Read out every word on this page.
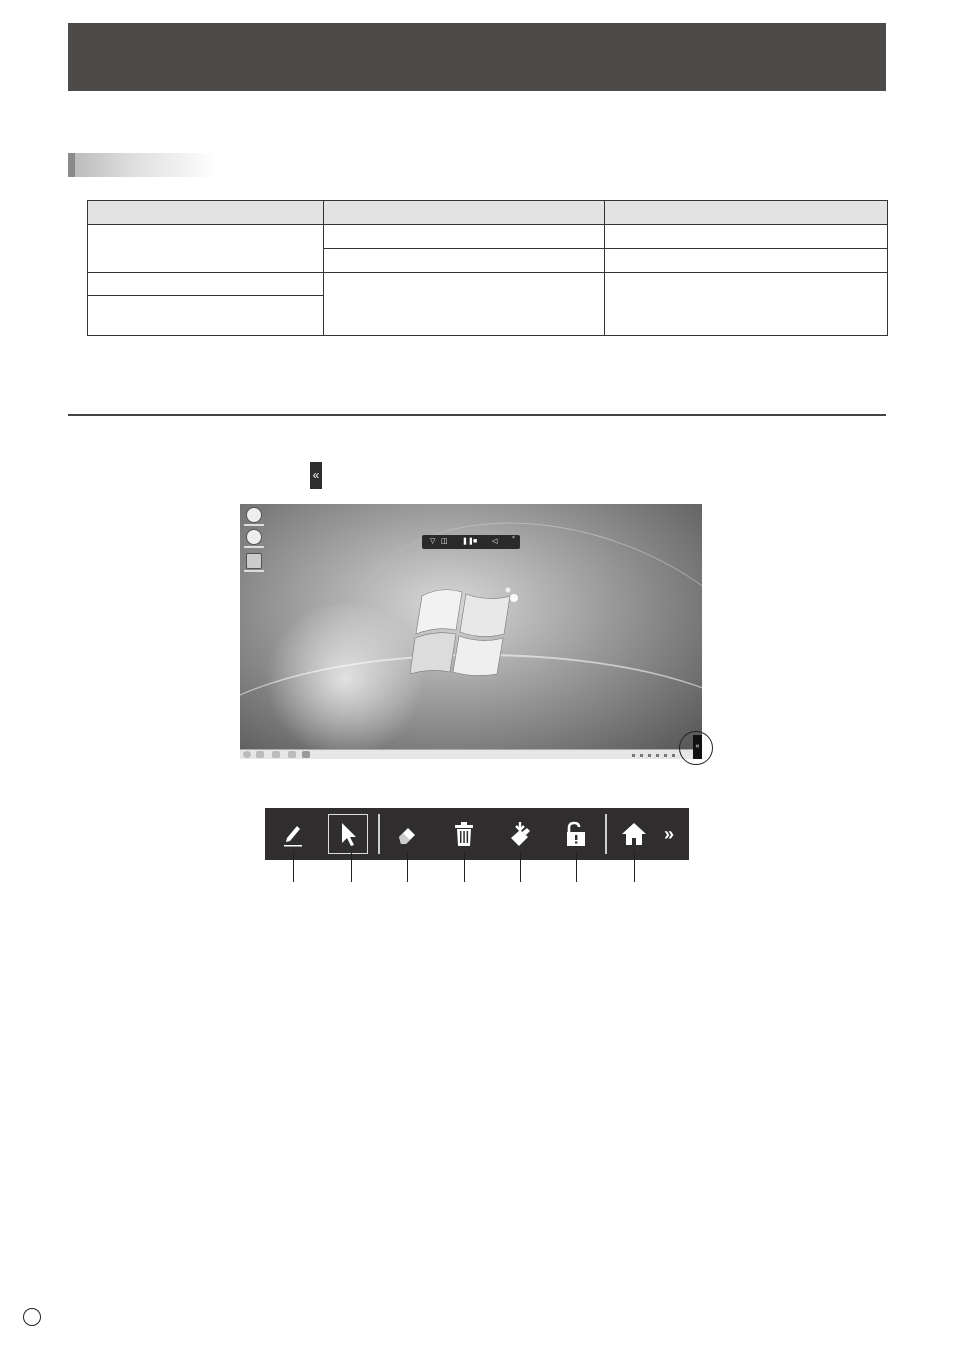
«
▽ ◫ ❚❚ ■ ◁	×
«
»
